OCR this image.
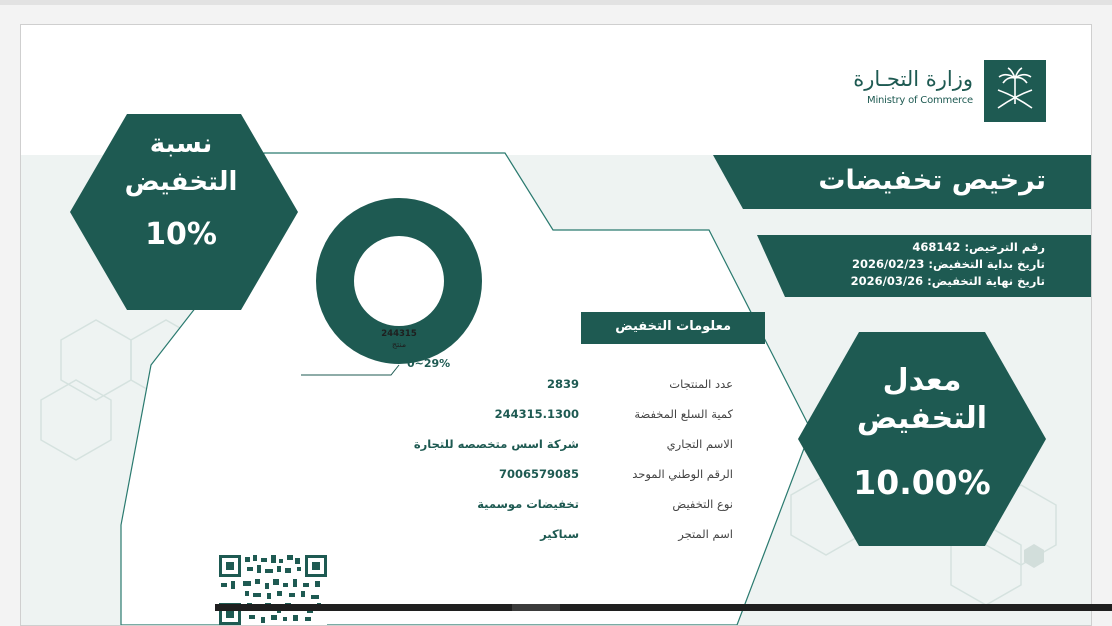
وزارة التجـارة
Ministry of Commerce
ترخيص تخفيضات
رقم الترخيص: 468142
تاريخ بداية التخفيض: 2026/02/23
تاريخ نهاية التخفيض: 2026/03/26
نسبة
التخفيض
10%
معدل
التخفيض
10.00%
نسبة%
التخفيضات
244315
منتج
0~29%
معلومات التخفيض
عدد المنتجات
2839
كمية السلع المخفضة
244315.1300
الاسم التجاري
شركة اسس متخصصه للتجارة
الرقم الوطني الموحد
7006579085
نوع التخفيض
تخفيضات موسمية
اسم المتجر
سباكير
